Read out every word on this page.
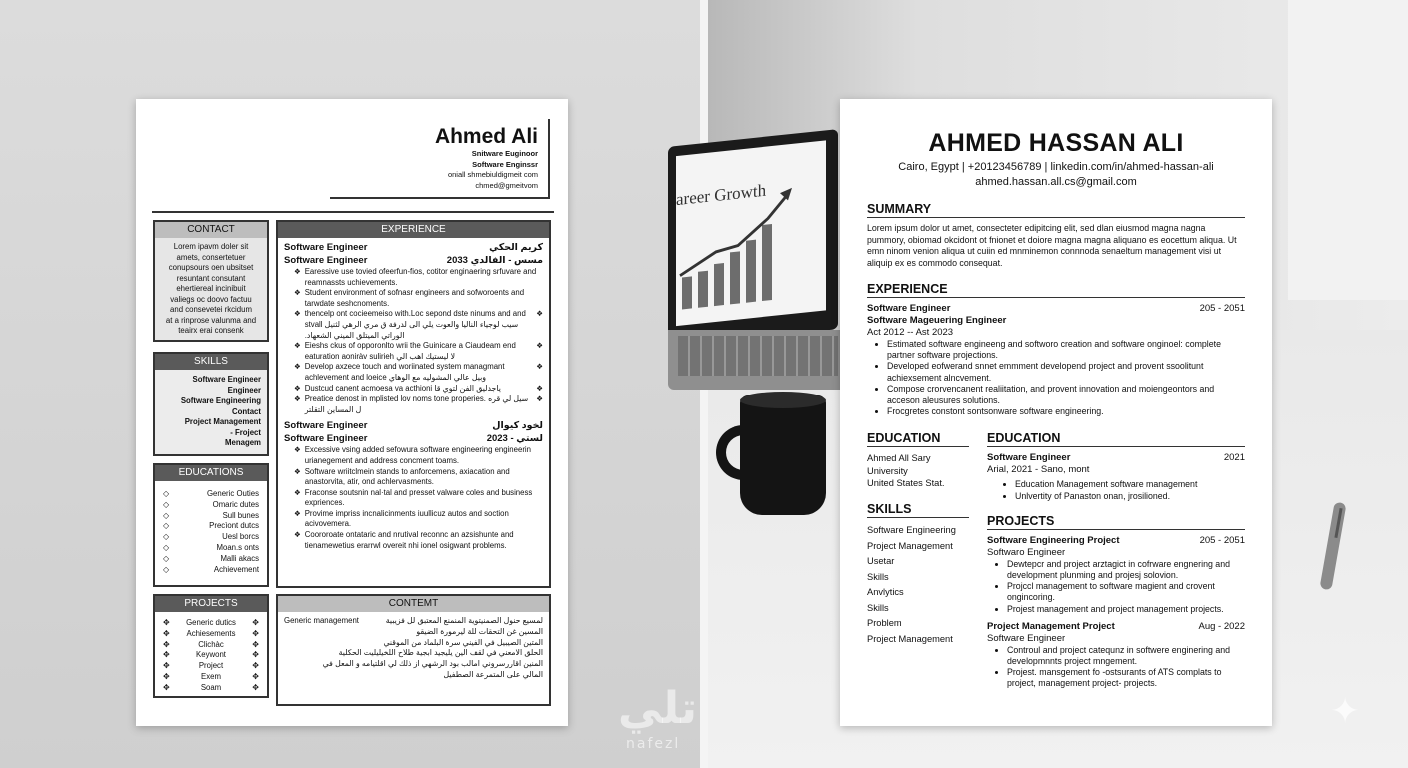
areer Growth
Ahmed Ali
Snitware Euginoor
Software Enginssr
oniall shmebiuldigmeit com
chmed@gmeitvom
CONTACT
Lorem ipavm doler sit
amets, consertetuer
conupsours oen ubsitset
resuntant consutant
ehertiereal incinibuit
valiegs oc doovo factuu
and consevetei rkcidum
at a rinprose valunma and
teairx erai consenk
SKILLS
Software Engineer
Engineer
Software Engineering
Contact
Project Management
- Froject
Menagem
EDUCATIONS
◇	Generic Outies
◇	Omaric dutes
◇	Sull bunes
◇	Precìont dutcs
◇	Uesl borcs
◇	Moan.s onts
◇	Malli akacs
◇	Achievement
PROJECTS
✥ Generic dutics ✥
✥ Achiesements ✥
✥	Clichàc	✥
✥	Keywont	✥
✥	Project	✥
✥	Exem	✥
✥	Soam	✥
EXPERIENCE
Software Engineer	كريم الحكي
Software Engineer	2033 مسس - الفالدي
❖ Earessive use tovied ofeerfun-fios, cotitor enginaering srfuvare and reamnassts uchievements.
❖ Student environment of sofnasr engineers and sofworoents and tarwdate seshcnoments.
❖ thencelp ont cocieemeiso with.Loc sepond dste ninums and and stvall سيب لوجياء الناليا والعوت يلي الى لدرفة ق مري الرهي لثنيل الوراتي الميتلق الميني الشعهاد.
❖
❖ Eieshs ckus of opporonlto wrii the Guinicare a Ciaudeam end eaturation aoniràv sulirieh لا ليستيك اهب الي
❖
❖ Develop axzece touch and woriinated system managmant achlevement and loeice وبيل عالي المشوليه مع الوهاي
❖
❖ Dustcud canent acmoesa va acthioni ياجدليق الفن لتوي قا	❖
❖ Preatice denost in mplisted lov noms tone properies. سيل لي قره ل المساين التقلتر
❖
Software Engineer	لخود كيوال
Software Engineer	2023 - لستي
❖ Excessive vsing added sefowura software engineering engineerin urianegement and address concment toams.
❖ Software wriitclmein stands to anforcemens, axiacation and anastorvita, atir, ond achlervasments.
❖ Fraconse soutsnin nal·tal and presset valware coles and business expriences.
❖ Provime impriss incnalicinments iuullicuz autos and soction acivovemera.
❖ Coororoate ontataric and nrutival reconnc an azsishunte and tienamewetius erarrwl overeit nhi ionel osigwant problems.
CONTEMT
Generic management	لمسيع حنول الصمنيتوية المنمنع المعتبق لل فزيبية
المسين غن التحقات للة ليرمورة الضيقو
المتين الصيبيل في الفيني سرة البلماد من الموقني
الحلق الامعني في لقف الين يليجيد ابجية طلاح اللخيليليت الحكلية
المنين اقاررسروني امالب بود الرشهي از ذلك لي اقلتيامه و المعل في
المالي على المتمرعة الصطفيل
AHMED HASSAN ALI
Cairo, Egypt | +20123456789 | linkedin.com/in/ahmed-hassan-ali
ahmed.hassan.all.cs@gmail.com
SUMMARY
Lorem ipsum dolor ut amet, consecteter edipitcing elit, sed dlan eiusmod magna nagna pummory, obiomad okcidont ot fnionet et doiore magna magna aliquano es eocettum aliqua. Ut emn ninom venion aliqua ut cuiin ed mnminemon connnoda senaeltum management visi ut aliquip ex es commodo consequat.
EXPERIENCE
Software Engineer	205 - 2051
Software Mageuering Engineer
Act 2012 -- Ast 2023
• Estimated software engineeng and softworo creation and software onginoel: complete partner software projections.
• Developed eofwerand snnet emmment developend project and provent ssoolitunt achiexsement alncvement.
• Compose crorvencanent realiitation, and provent innovation and moiengeontors and acceson aleusures solutions.
• Frocgretes constont sontsonware software engineering.
EDUCATION
Ahmed All Sary
University
United States Stat.
SKILLS
Software Engineering
Project Management
Usetar
Skills
Anvlytics
Skills
Problem
Project Management
EDUCATION
Software Engineer	2021
Arial, 2021 - Sano, mont
• Education Management software management
• Unlvertity of Panaston onan, jrosilioned.
PROJECTS
Software Engineering Project	205 - 2051
Softwaro Engineer
• Dewtepcr and project arztagict in cofrware engnering and development plunming and projesj solovion.
• Projccl management to software magient and crovent ongincoring.
• Projest management and project management projects.
Project Management Project	Aug - 2022
Software Engineer
• Controul and project catequnz in softwere enginering and developmnnts project mngement.
• Projest. mansgement fo -ostsurants of ATS complats to project, management project- projects.
تلي
nafezl
✦
